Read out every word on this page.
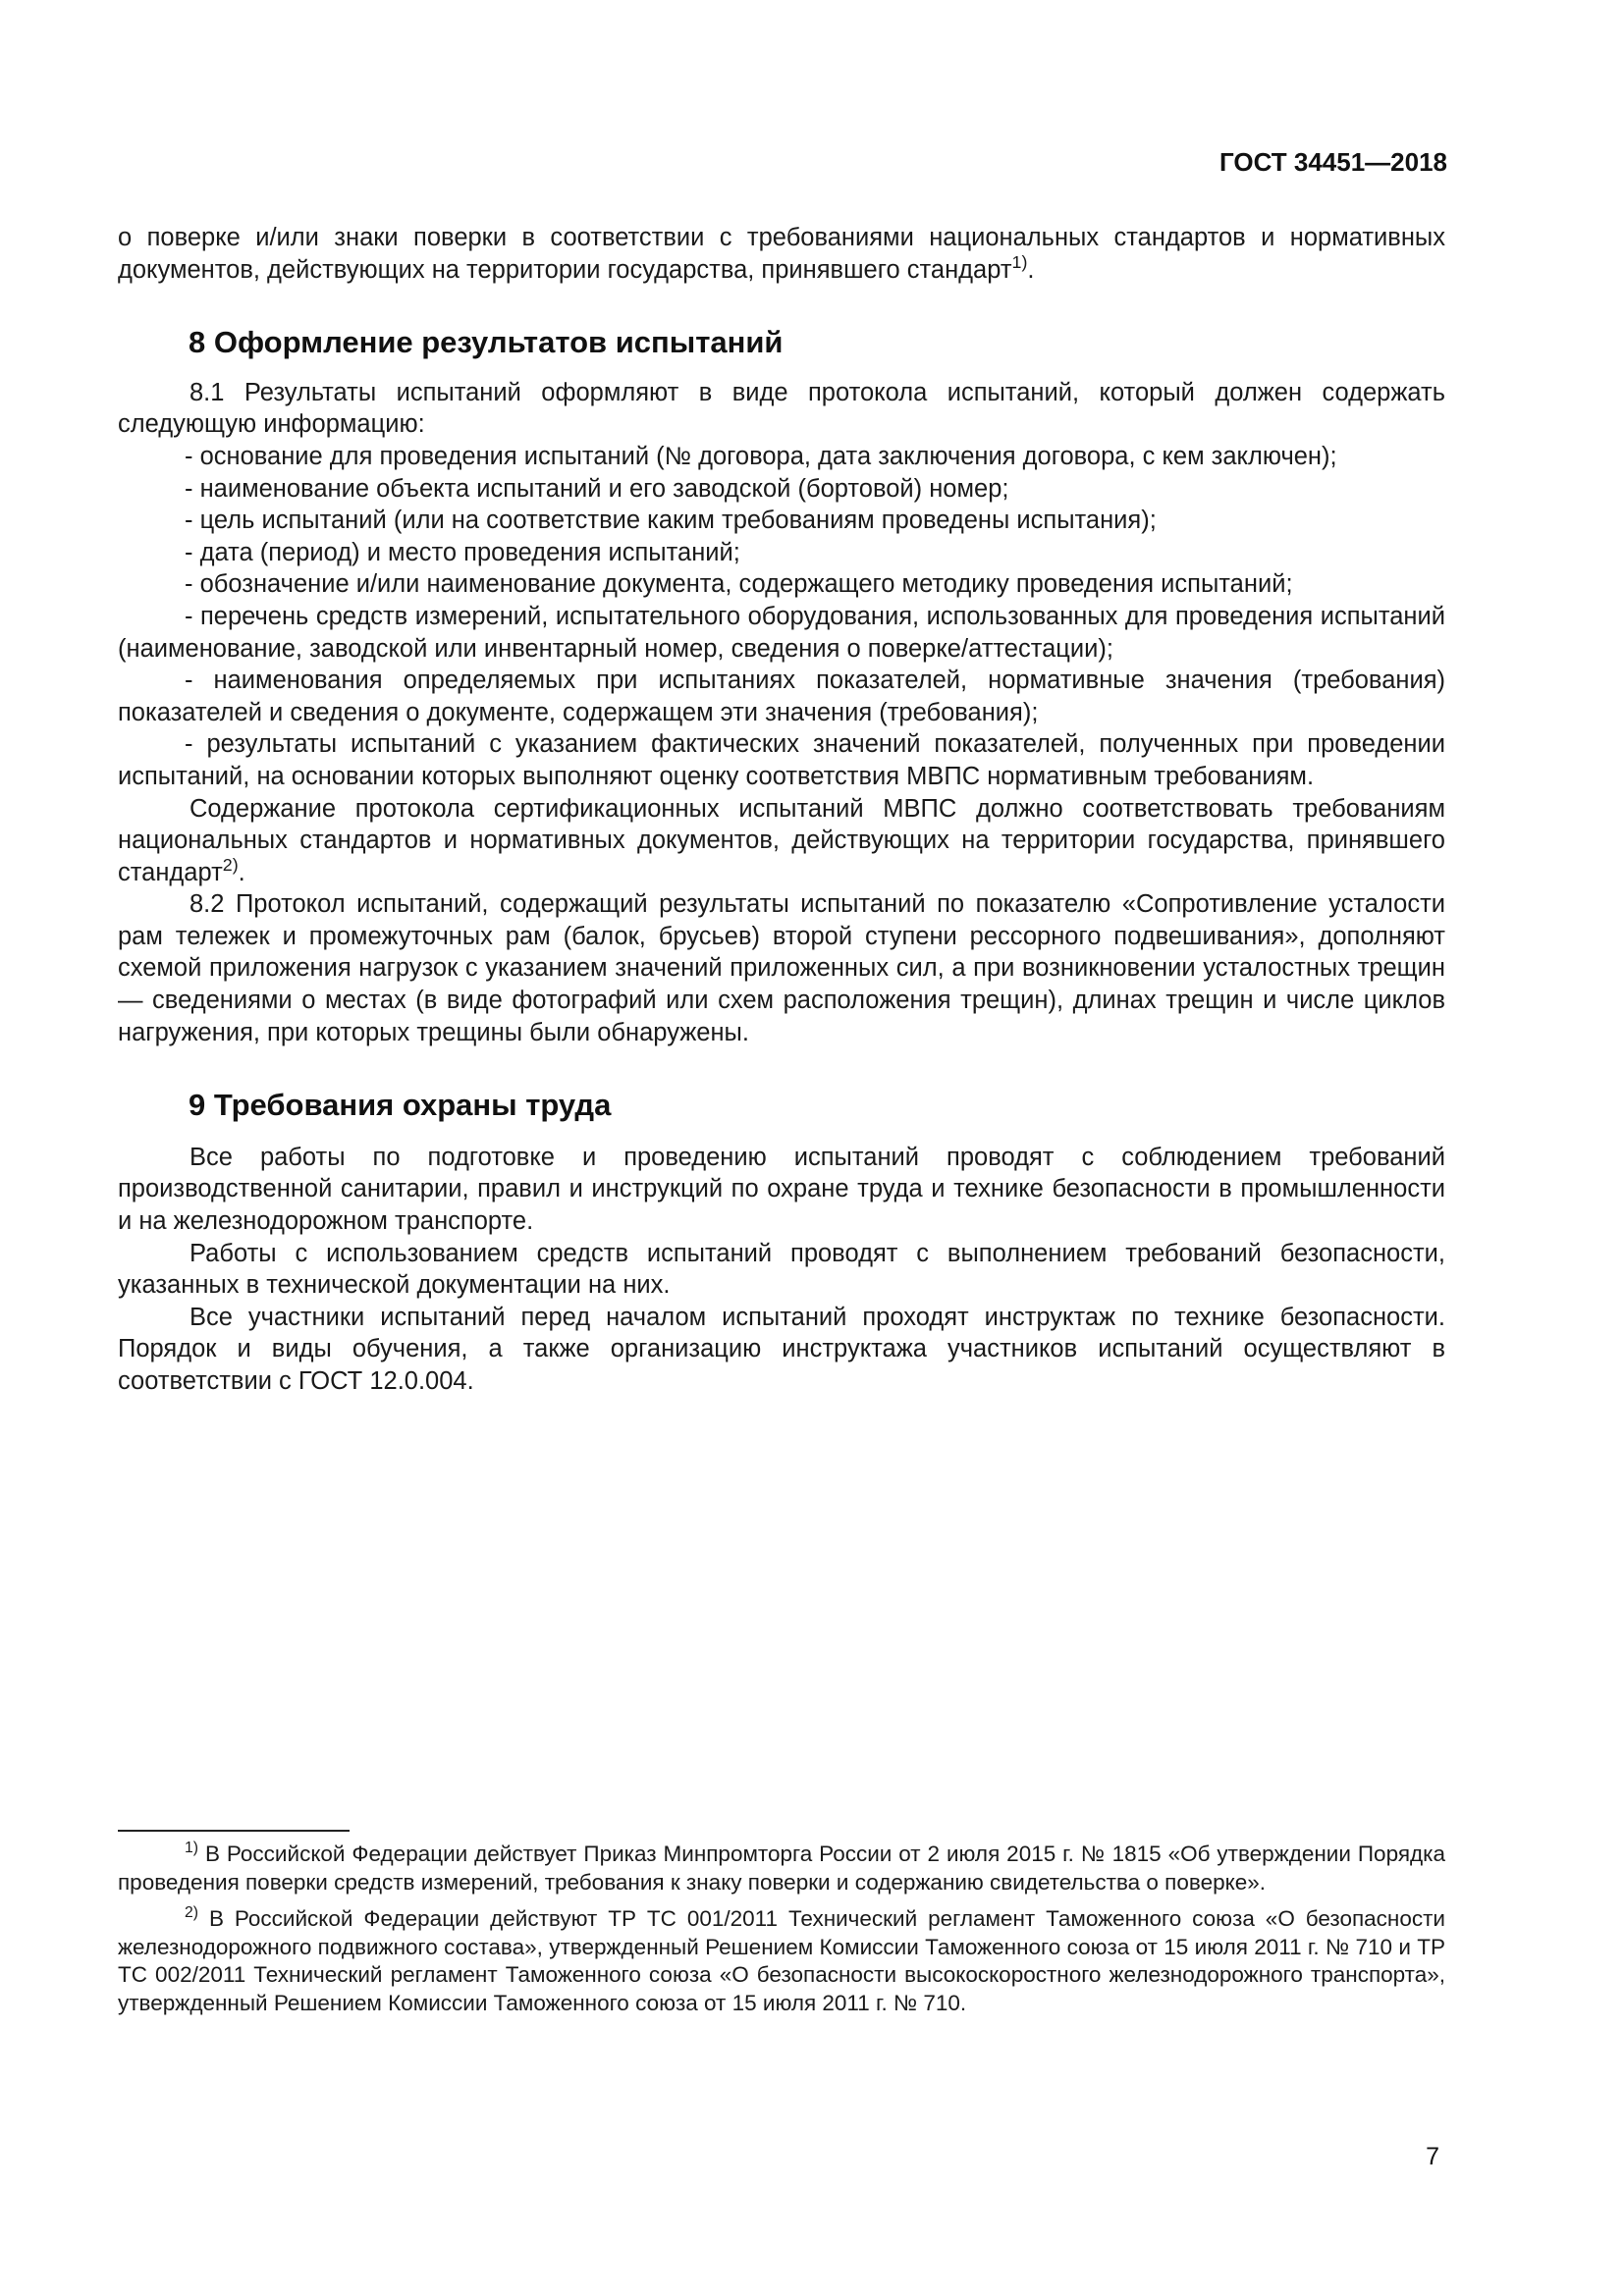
ГОСТ 34451—2018

о поверке и/или знаки поверки в соответствии с требованиями национальных стандартов и нормативных документов, действующих на территории государства, принявшего стандарт$^{1)}$.

8 Оформление результатов испытаний

8.1 Результаты испытаний оформляют в виде протокола испытаний, который должен содержать следующую информацию:

- основание для проведения испытаний (№ договора, дата заключения договора, с кем заключен);

- наименование объекта испытаний и его заводской (бортовой) номер;

- цель испытаний (или на соответствие каким требованиям проведены испытания);

- дата (период) и место проведения испытаний;

- обозначение и/или наименование документа, содержащего методику проведения испытаний;

- перечень средств измерений, испытательного оборудования, использованных для проведения испытаний (наименование, заводской или инвентарный номер, сведения о поверке/аттестации);

- наименования определяемых при испытаниях показателей, нормативные значения (требования) показателей и сведения о документе, содержащем эти значения (требования);

- результаты испытаний с указанием фактических значений показателей, полученных при проведении испытаний, на основании которых выполняют оценку соответствия МВПС нормативным требованиям.

Содержание протокола сертификационных испытаний МВПС должно соответствовать требованиям национальных стандартов и нормативных документов, действующих на территории государства, принявшего стандарт$^{2)}$.

8.2 Протокол испытаний, содержащий результаты испытаний по показателю «Сопротивление усталости рам тележек и промежуточных рам (балок, брусьев) второй ступени рессорного подвешивания», дополняют схемой приложения нагрузок с указанием значений приложенных сил, а при возникновении усталостных трещин — сведениями о местах (в виде фотографий или схем расположения трещин), длинах трещин и числе циклов нагружения, при которых трещины были обнаружены.

9 Требования охраны труда

Все работы по подготовке и проведению испытаний проводят с соблюдением требований производственной санитарии, правил и инструкций по охране труда и технике безопасности в промышленности и на железнодорожном транспорте.

Работы с использованием средств испытаний проводят с выполнением требований безопасности, указанных в технической документации на них.

Все участники испытаний перед началом испытаний проходят инструктаж по технике безопасности. Порядок и виды обучения, а также организацию инструктажа участников испытаний осуществляют в соответствии с ГОСТ 12.0.004.

$^{1)}$ В Российской Федерации действует Приказ Минпромторга России от 2 июля 2015 г. № 1815 «Об утверждении Порядка проведения поверки средств измерений, требования к знаку поверки и содержанию свидетельства о поверке».

$^{2)}$ В Российской Федерации действуют ТР ТС 001/2011 Технический регламент Таможенного союза «О безопасности железнодорожного подвижного состава», утвержденный Решением Комиссии Таможенного союза от 15 июля 2011 г. № 710 и ТР ТС 002/2011 Технический регламент Таможенного союза «О безопасности высокоскоростного железнодорожного транспорта», утвержденный Решением Комиссии Таможенного союза от 15 июля 2011 г. № 710.

7
